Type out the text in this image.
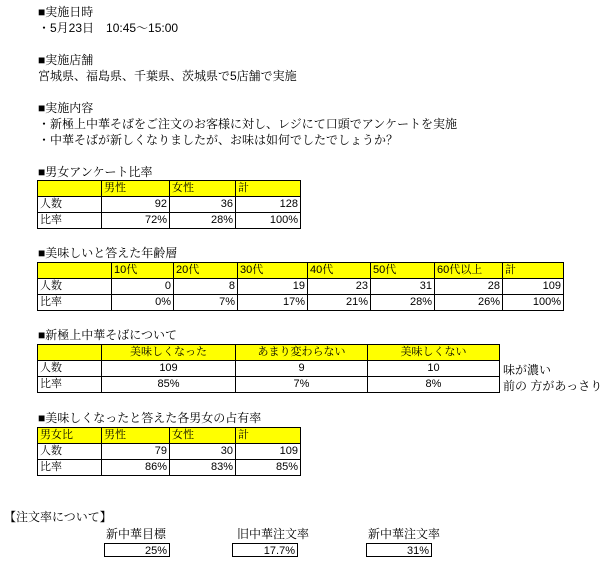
■実施日時
・5月23日　10:45〜15:00
■実施店舗
宮城県、福島県、千葉県、茨城県で5店舗で実施
■実施内容
・新極上中華そばをご注文のお客様に対し、レジにて口頭でアンケートを実施
・中華そばが新しくなりましたが、お味は如何でしたでしょうか？
■男女アンケート比率
	男性	女性	計
人数	92	36	128
比率	72%	28%	100%
■美味しいと答えた年齢層
	10代	20代	30代	40代	50代	60代以上	計
人数	0	8	19	23	31	28	109
比率	0%	7%	17%	21%	28%	26%	100%
■新極上中華そばについて
	美味しくなった	あまり変わらない	美味しくない
人数	109	9	10
比率	85%	7%	8%
味が濃い
前の 方があっさり
■美味しくなったと答えた各男女の占有率
男女比	男性	女性	計
人数	79	30	109
比率	86%	83%	85%
【注文率について】
新中華目標
25%
旧中華注文率
17.7%
新中華注文率
31%
